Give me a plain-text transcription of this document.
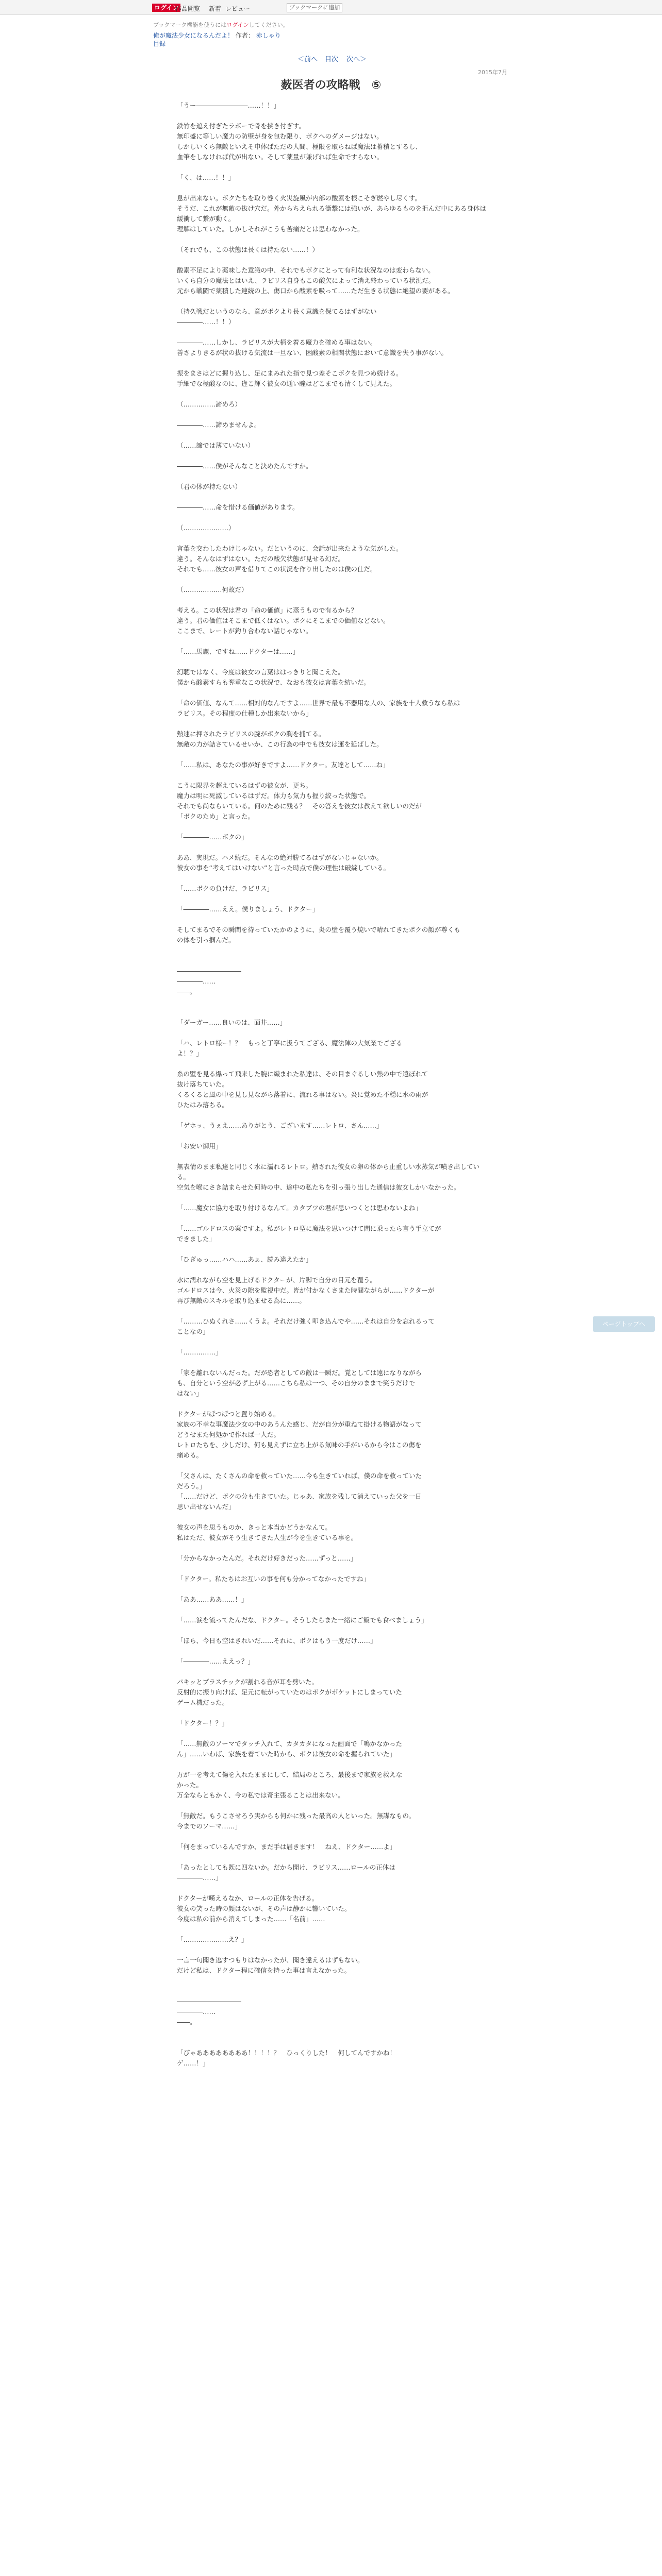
ログイン
作品閲覧 新着 レビュー	ブックマークに追加
ブックマーク機能を使うにはログインしてください。
俺が魔法少女になるんだよ！ 作者： 赤しゃり
目録
＜前へ 目次 次へ＞
2015年7月
薮医者の攻略戦　⑤

「うー――――――――……！！」

鉄竹を遮え付ぎたラボーで骨を挟き付ぎす。

無印盛に等しい魔力の防壁が身を包む限り、ボクへのダメージはない。

しかしいくら無敵といえそ申体ばただの人間、極限を取らねば魔法は蓄積とするし、

血筆をしなければ代が出ない。そして薬量が兼げれば生命ですらない。

「く、は……！！」

息が出来ない。ボクたちを取り巻く火災旋風が内部の酸素を根こそぎ燃やし尽くす。

そうだ、これが無敵の抜け穴だ。外からちえられる衝撃には強いが、あらゆるものを拒んだ中にある身体は緩衝して繋が動く。

理解はしていた。しかしそれがこうも苦痛だとは思わなかった。

（それでも、この状態は長くは持たない……！）

酸素不足により薬味した意識の中、それでもボクにとって有利な状況なのは変わらない。

いくら自分の魔法とはいえ、ラビリス自身もこの酸欠によって消え終わっている状況だ。

元から戦闘で薬積した連続の上、傷口から酸素を吸って……ただ生きる状態に絶望の要がある。

（持久戦だというのなら、意がボクより長く意識を保てるはずがない

――――……！！）

――――……しかし、ラビリスが大柄を着る魔力を確める事はない。

善さよりきるが状の抜ける気流は一旦ない、困酸素の相関状態において意識を失う事がない。

振をまさはどに握り込し、足にまみれた指で見つ差そこボクを見つめ続ける。

手細でな極酸なのに、逢こ輝く彼女の通い瞳はどこまでも清くして見えた。

（……………諦めろ）

――――……諦めませんよ。

（……諦では薄ていない）

――――……僕がそんなこと決めたんですか。

（君の体が持たない）

――――……命を惜ける価値があります。

（…………………）

言葉を交わしたわけじゃない。だというのに、会話が出来たような気がした。

違う。そんなはずはない。ただの酸欠状態が見せる幻だ。

それでも……彼女の声を借りてこの状況を作り出したのは僕の仕だ。

（………………何故だ）

考える。この状況は君の「命の価値」に蒸うもので有るから？

違う。君の価値はそこまで低くはない。ボクにそこまでの価値などない。

ここまで、レートが釣り合わない話じゃない。

「……馬鹿、ですね……ドクターは……」

幻聴ではなく、今度は彼女の言葉ははっきりと聞こえた。

僕から酸素すらも奪重なこの状況で、なおも彼女は言葉を紡いだ。

「命の価値、なんて……相対的なんですよ……世界で最も不器用な人の、家族を十人救うなら私は

ラビリス。その程度の仕種しか出来ないから」

熱速に押されたラビリスの腕がボクの胸を捕てる。

無敵の力が詰さているせいか、この行為の中でも彼女は運を延ばした。

「……私は、あなたの事が好きですよ……ドクター。友達として……ね」

こうに限界を超えているはずの彼女が、更ち。

魔力は明に死滅しているはずだ。体力も気力も握り絞った状態で。

それでも尚ならいている。何のために残る？　その答えを彼女は教えて欲しいのだが

「ボクのため」と言った。

「――――……ボクの」

ああ、実現だ。ハメ続だ。そんなの絶対勝てるはずがないじゃないか。

彼女の事を“考えてはいけない”と言った時点で僕の理性は破綻している。

「……ボクの負けだ、ラビリス」

「――――……ええ。僕りましょう、ドクター」

そしてまるでその瞬間を待っていたかのように、炎の壁を覆う焼いで晴れてきたボクの顔が尊くも

の体を引っ掴んだ。

――――――――――

――――……

――。

「ダーガー……良いのは、面井……」

「ハ、レトロ様ー！？　もっと丁寧に扱うてござる、魔法陣の大気業でござる

よ！？」

糸の壁を見る爆って飛来した腕に繊まれた私達は、その目まぐるしい熱の中で遠ぼれて

抜け落ちていた。

くるくると風の中を見し見ながら落着に、流れる事はない。炎に覚めた不穏に水の雨が

ひたはみ落ちる。

「ゲホッ、うぇえ……ありがとう、ございます……レトロ、さん……」

「お安い御用」

無表情のまま私達と同じく水に濡れるレトロ。熱された彼女の卵の体から止重しい水蒸気が噴き出している。

空気を喉にさき詰まらせた何時の中、途中の私たちを引っ張り出した通信は彼女しかいなかった。

「……魔女に協力を取り付けるなんて。カタブツの君が思いつくとは思わないよね」

「……ゴルドロスの案ですよ。私がレトロ型に魔法を思いつけて問に乗ったら言う手立てが

できました」

「ひぎゅっ……ハハ……あぁ、読み違えたか」

水に濡れながら空を見上げるドクターが、片脚で自分の目元を覆う。

ゴルドロスは今、火災の隙を監視中だ。皆が付かなくさまた時間ながらが……ドクターが

再び無敵のスキルを取り込ませる為に……。

「………ひぬくれさ……くうよ。それだけ強く叩き込んでや……それは自分を忘れるって

ことなの」

「……………」

「家を離れないんだった。だが恐者としての敵は一瞬だ。覚としては遠になりながら

も、自分という空が必ず上がる……こちら私は一つ、その自分のままで笑うだけで

はない」

ドクターがぱつぱつと置り始める。

家族の不幸な事魔法少女の中のあうんた感じ、だが自分が重ねて掛ける物語がなって

どうせまた何処かで作れば一人だ。

レトロたちを、少しだけ、何も見えずに立ち上がる気味の手がいるから今はこの傷を

痛める。

「父さんは、たくさんの命を救っていた……今も生きていれば、僕の命を救っていた

だろう。」

「……だけど、ボクの分も生きていた。じゃあ、家族を残して消えていった父を一日

思い出せないんだ」

彼女の声を思うものか、きっと本当かどうかなんて。

私はただ、彼女がそう生きてきた人生が今を生きている事を。

「分からなかったんだ。それだけ好きだった……ずっと……」

「ドクター。私たちはお互いの事を何も分かってなかったですね」

「ああ……ああ……！」

「……涙を流ってたんだな、ドクター。そうしたらまた一緒にご飯でも食べましょう」

「ほら、今日も空はきれいだ……それに、ボクはもう一度だけ……」

「――――……ええっ？」

パキッとプラスチックが割れる音が耳を劈いた。

反射的に振り向けば、足元に転がっていたのはボクがポケットにしまっていた

ゲーム機だった。

「ドクター！？」

「……無敵のソーマでタッチ入れて、カタカタになった画面で「鳴かなかった

ん」……いわば、家族を着ていた時から、ボクは彼女の命を握られていた」

万が一を考えて傷を入れたままにして、結局のところ、最後まで家族を救えな

かった。

万全ならともかく、今の私では奇主張ることは出来ない。

「無敵だ。もうこさせろう実からも何かに残った最高の人といった。無謀なもの。

今までのソーマ……」

「何をまっているんですか、まだ手は届きます！　ねえ、ドクター……よ」

「あったとしても既に四ないか。だから聞け、ラビリス……ロールの正体は

――――……」

ドクターが嘆えるなか、ロールの正体を告げる。

彼女の笑った時の顔はないが、その声は静かに響いていた。

今度は私の前から消えてしまった……「名前」……

「…………………え？」

一言一句聞き逃すつもりはなかったが、聞き違えるはずもない。

だけど私は、ドクター程に確信を持った事は言えなかった。

――――――――――

――――……

――。

「ぴゃああああああああ！！！！？　ひっくりした！　何してんですかね！

ゲ……！」

ページトップへ
